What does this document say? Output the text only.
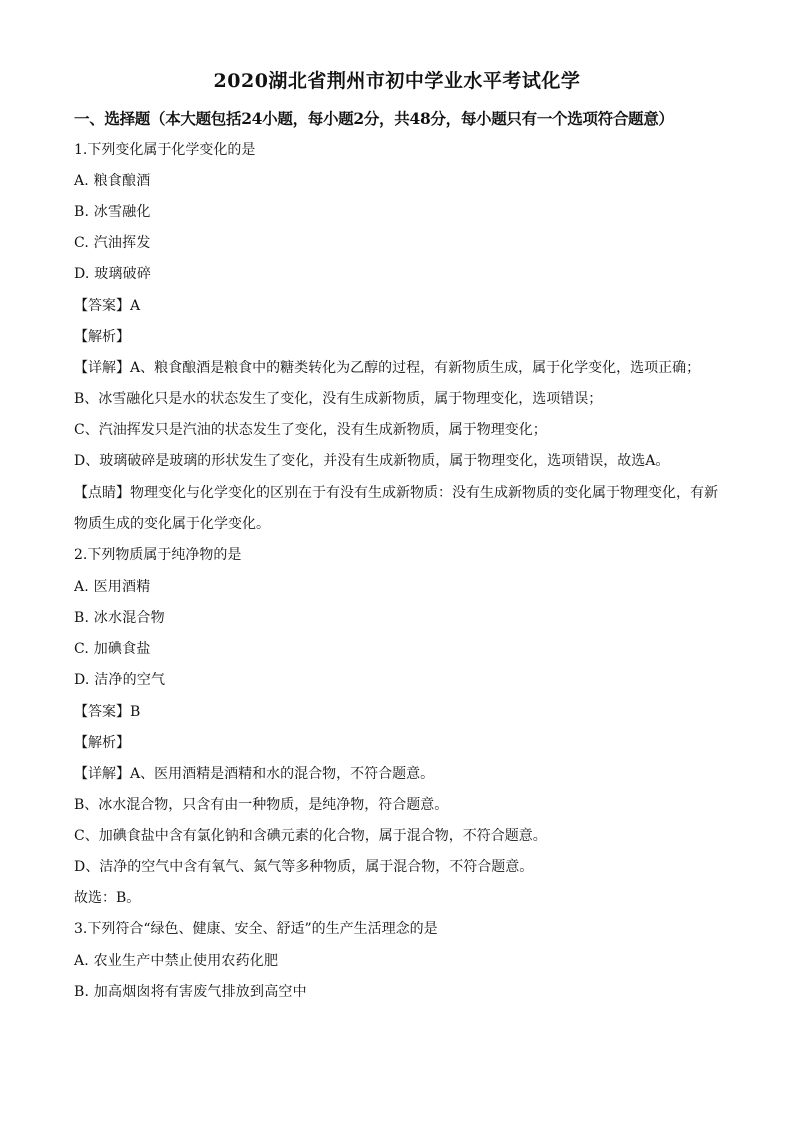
2020湖北省荆州市初中学业水平考试化学
一、选择题（本大题包括24小题，每小题2分，共48分，每小题只有一个选项符合题意）
1.下列变化属于化学变化的是
A. 粮食酿酒
B. 冰雪融化
C. 汽油挥发
D. 玻璃破碎
【答案】A
【解析】
【详解】A、粮食酿酒是粮食中的糖类转化为乙醇的过程，有新物质生成，属于化学变化，选项正确；
B、冰雪融化只是水的状态发生了变化，没有生成新物质，属于物理变化，选项错误；
C、汽油挥发只是汽油的状态发生了变化，没有生成新物质，属于物理变化；
D、玻璃破碎是玻璃的形状发生了变化，并没有生成新物质，属于物理变化，选项错误，故选A。
【点睛】物理变化与化学变化的区别在于有没有生成新物质：没有生成新物质的变化属于物理变化，有新
物质生成的变化属于化学变化。
2.下列物质属于纯净物的是
A. 医用酒精
B. 冰水混合物
C. 加碘食盐
D. 洁净的空气
【答案】B
【解析】
【详解】A、医用酒精是酒精和水的混合物，不符合题意。
B、冰水混合物，只含有由一种物质，是纯净物，符合题意。
C、加碘食盐中含有氯化钠和含碘元素的化合物，属于混合物，不符合题意。
D、洁净的空气中含有氧气、氮气等多种物质，属于混合物，不符合题意。
故选：B。
3.下列符合“绿色、健康、安全、舒适”的生产生活理念的是
A. 农业生产中禁止使用农药化肥
B. 加高烟囱将有害废气排放到高空中
